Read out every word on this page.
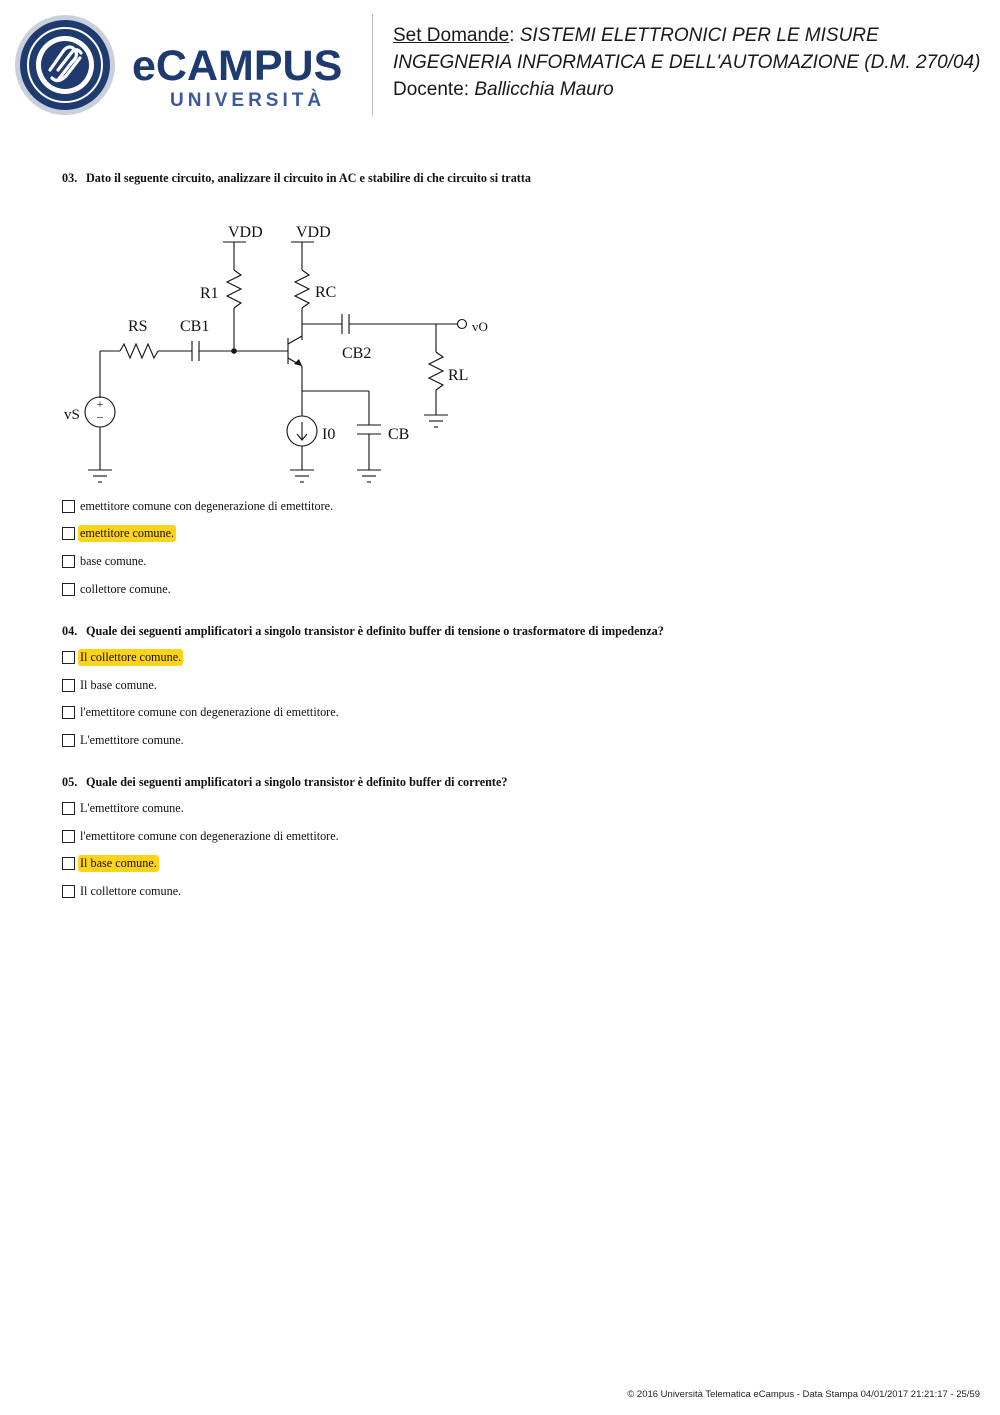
eCAMPUS
UNIVERSITÀ
Set Domande: SISTEMI ELETTRONICI PER LE MISURE
INGEGNERIA INFORMATICA E DELL'AUTOMAZIONE (D.M. 270/04)
Docente: Ballicchia Mauro
03. Dato il seguente circuito, analizzare il circuito in AC e stabilire di che circuito si tratta
+
−
VDD VDD
R1	RC
RS CB1
CB2
vO
RL
vS
I0	CB
emettitore comune con degenerazione di emettitore.
emettitore comune.
base comune.
collettore comune.
04. Quale dei seguenti amplificatori a singolo transistor è definito buffer di tensione o trasformatore di impedenza?
Il collettore comune.
Il base comune.
l'emettitore comune con degenerazione di emettitore.
L'emettitore comune.
05. Quale dei seguenti amplificatori a singolo transistor è definito buffer di corrente?
L'emettitore comune.
l'emettitore comune con degenerazione di emettitore.
Il base comune.
Il collettore comune.
© 2016 Università Telematica eCampus - Data Stampa 04/01/2017 21:21:17 - 25/59
